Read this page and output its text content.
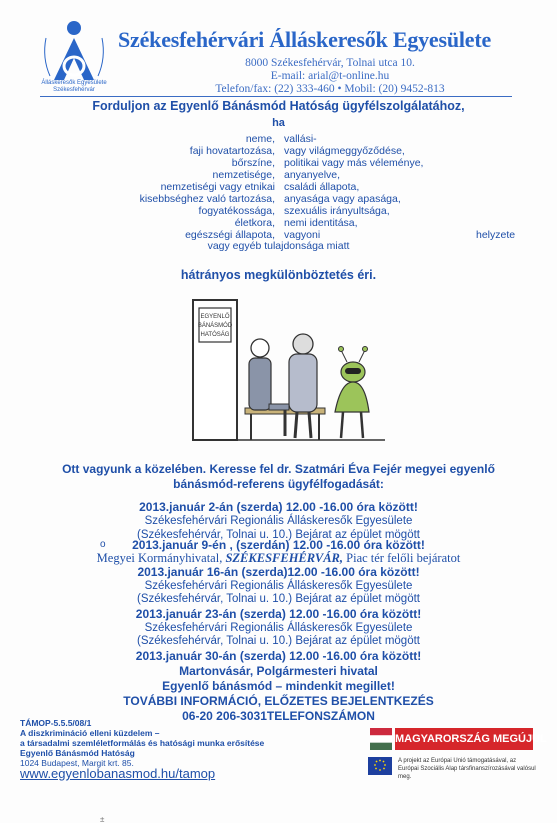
Álláskeresők Egyesülete Székesfehérvár
Székesfehérvári Álláskeresők Egyesülete
8000 Székesfehérvár, Tolnai utca 10.
E-mail: arial@t-online.hu
Telefon/fax: (22) 333-460 • Mobil: (20) 9452-813
Forduljon az Egyenlő Bánásmód Hatóság ügyfélszolgálatához,
ha
neme,
faji hovatartozása,
bőrszíne,
nemzetisége,
nemzetiségi vagy etnikai
kisebbséghez való tartozása,
fogyatékossága,
életkora,
egészségi állapota,
vallási-
vagy világmeggyőződése,
politikai vagy más véleménye,
anyanyelve,
családi állapota,
anyasága vagy apasága,
szexuális irányultsága,
nemi identitása,
vagyoni	helyzete
vagy egyéb tulajdonsága miatt
hátrányos megkülönböztetés éri.
EGYENLŐ
BÁNÁSMÓD
HATÓSÁG
Ott vagyunk a közelében. Keresse fel dr. Szatmári Éva Fejér megyei egyenlő
bánásmód-referens ügyfélfogadását:
2013.január 2-án (szerda) 12.00 -16.00 óra között!
Székesfehérvári Regionális Álláskeresők Egyesülete
(Székesfehérvár, Tolnai u. 10.) Bejárat az épület mögött
o	2013.január 9-én , (szerdán) 12.00 -16.00 óra között!
Megyei Kormányhivatal, SZÉKESFEHÉRVÁR, Piac tér felőli bejáratot
2013.január 16-án (szerda)12.00 -16.00 óra között!
Székesfehérvári Regionális Álláskeresők Egyesülete
(Székesfehérvár, Tolnai u. 10.) Bejárat az épület mögött
2013.január 23-án (szerda) 12.00 -16.00 óra között!
Székesfehérvári Regionális Álláskeresők Egyesülete
(Székesfehérvár, Tolnai u. 10.) Bejárat az épület mögött
2013.január 30-án (szerda) 12.00 -16.00 óra között!
Martonvásár, Polgármesteri hivatal
Egyenlő bánásmód – mindenkit megillet!
TOVÁBBI INFORMÁCIÓ, ELŐZETES BEJELENTKEZÉS
06-20 206-3031TELEFONSZÁMON
TÁMOP-5.5.5/08/1
A diszkrimináció elleni küzdelem –
a társadalmi szemléletformálás és hatósági munka erősítése
Egyenlő Bánásmód Hatóság
1024 Budapest, Margit krt. 85.
www.egyenlobanasmod.hu/tamop
MAGYARORSZÁG MEGÚJUL
A projekt az Európai Unió támogatásával, az Európai Szociális Alap társfinanszírozásával valósul meg.
±
